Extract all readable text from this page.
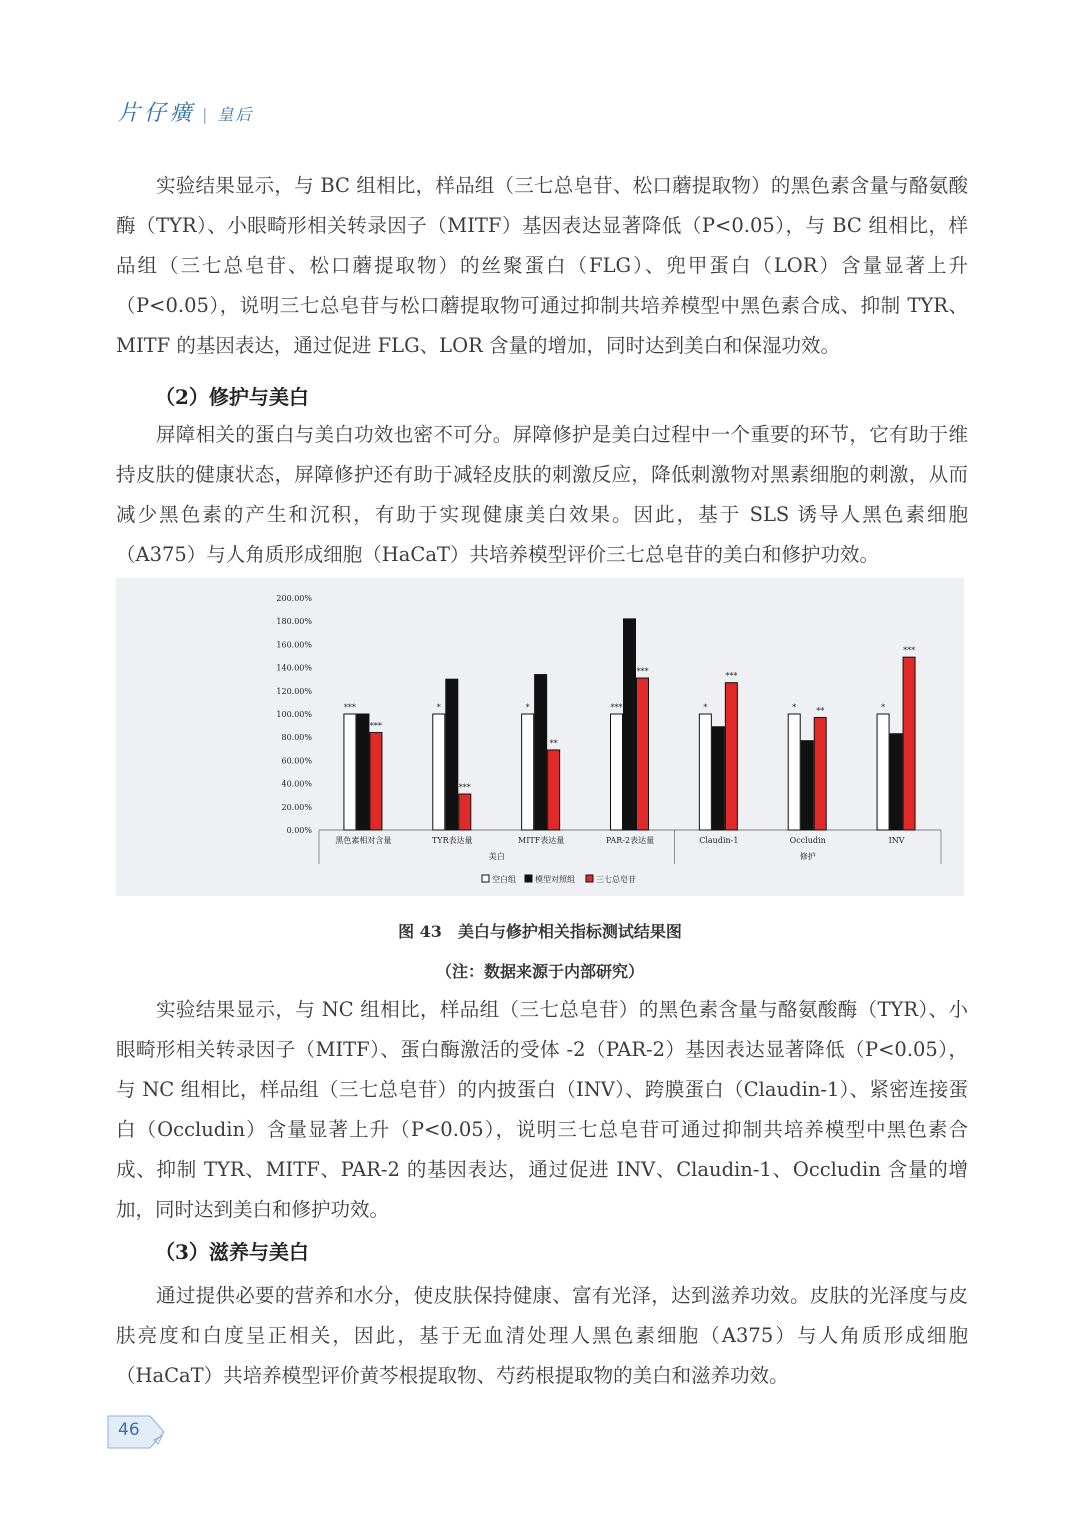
片仔癀 | 皇后

实验结果显示，与 BC 组相比，样品组（三七总皂苷、松口蘑提取物）的黑色素含量与酪氨酸酶（TYR）、小眼畸形相关转录因子（MITF）基因表达显著降低（P<0.05），与 BC 组相比，样品组（三七总皂苷、松口蘑提取物）的丝聚蛋白（FLG）、兜甲蛋白（LOR）含量显著上升（P<0.05），说明三七总皂苷与松口蘑提取物可通过抑制共培养模型中黑色素合成、抑制 TYR、MITF 的基因表达，通过促进 FLG、LOR 含量的增加，同时达到美白和保湿功效。

（2）修护与美白

屏障相关的蛋白与美白功效也密不可分。屏障修护是美白过程中一个重要的环节，它有助于维持皮肤的健康状态，屏障修护还有助于减轻皮肤的刺激反应，降低刺激物对黑素细胞的刺激，从而减少黑色素的产生和沉积，有助于实现健康美白效果。因此，基于 SLS 诱导人黑色素细胞（A375）与人角质形成细胞（HaCaT）共培养模型评价三七总皂苷的美白和修护功效。

0.00%
20.00%
40.00%
60.00%
80.00%
100.00%
120.00%
140.00%
160.00%
180.00%
200.00%
***
***
*
***
*
**
***
***
*
***
*	**	*
***
黑色素相对含量	TYR表达量	MITF表达量	PAR-2表达量	Claudin-1	Occludin	INV
美白	修护
空白组 模型对照组	三七总皂苷
图 43　美白与修护相关指标测试结果图
（注：数据来源于内部研究）

实验结果显示，与 NC 组相比，样品组（三七总皂苷）的黑色素含量与酪氨酸酶（TYR）、小眼畸形相关转录因子（MITF）、蛋白酶激活的受体 -2（PAR-2）基因表达显著降低（P<0.05），与 NC 组相比，样品组（三七总皂苷）的内披蛋白（INV）、跨膜蛋白（Claudin-1）、紧密连接蛋白（Occludin）含量显著上升（P<0.05），说明三七总皂苷可通过抑制共培养模型中黑色素合成、抑制 TYR、MITF、PAR-2 的基因表达，通过促进 INV、Claudin-1、Occludin 含量的增加，同时达到美白和修护功效。

（3）滋养与美白

通过提供必要的营养和水分，使皮肤保持健康、富有光泽，达到滋养功效。皮肤的光泽度与皮肤亮度和白度呈正相关，因此，基于无血清处理人黑色素细胞（A375）与人角质形成细胞（HaCaT）共培养模型评价黄芩根提取物、芍药根提取物的美白和滋养功效。

46
